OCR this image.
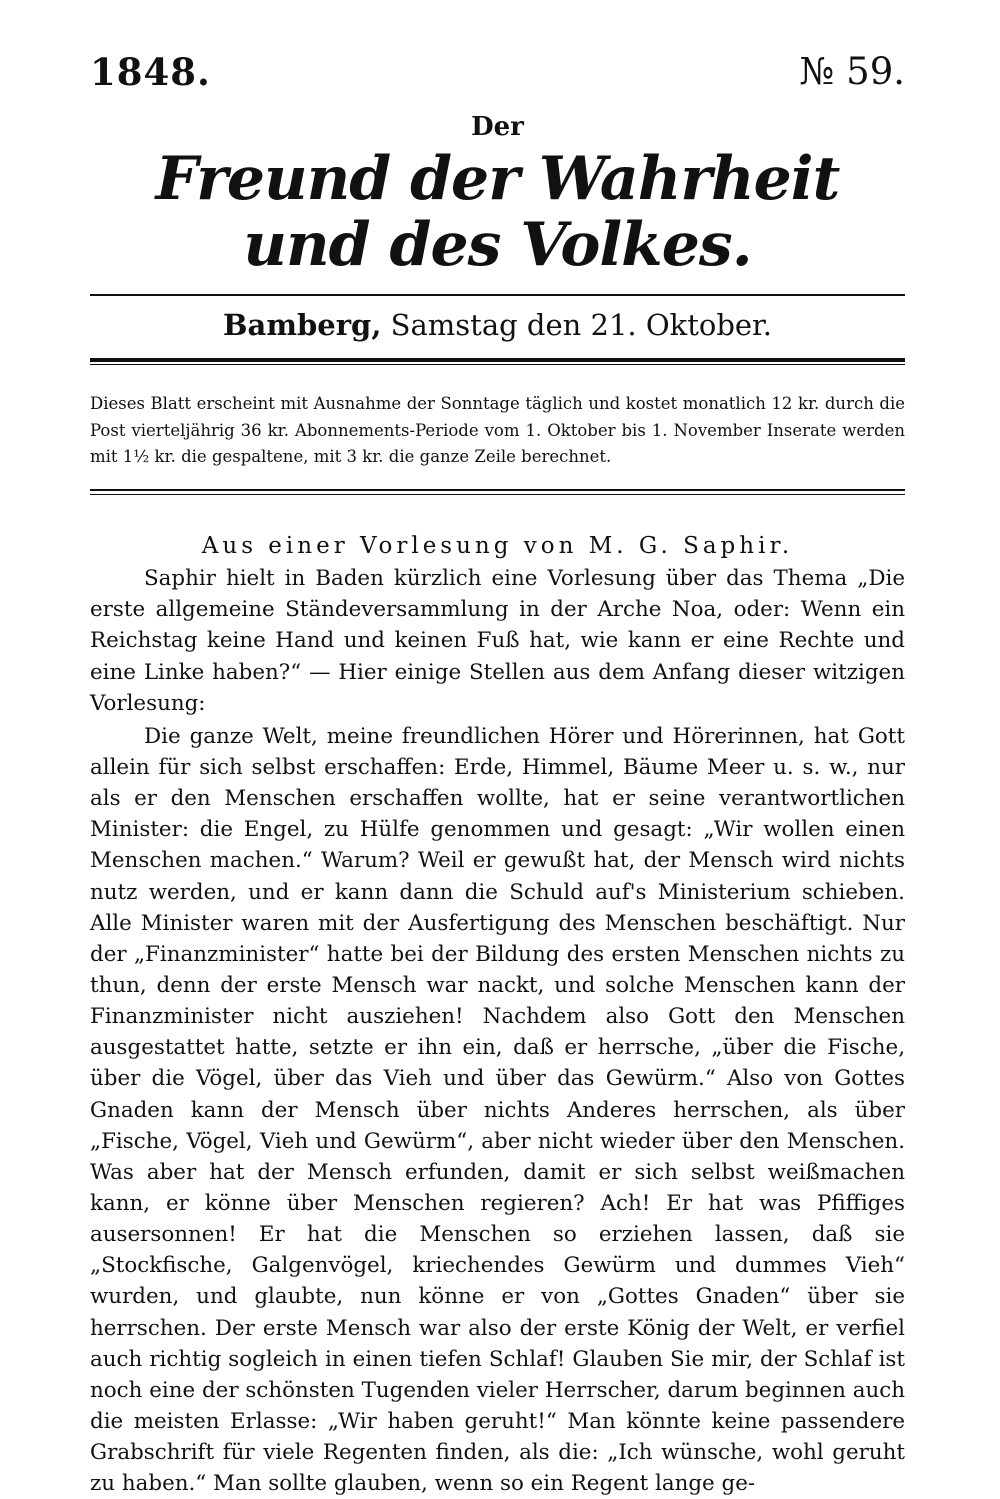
1848.	№ 59.
Der
Freund der Wahrheit und des Volkes.
Bamberg, Samstag den 21. Oktober.
Dieses Blatt erscheint mit Ausnahme der Sonntage täglich und kostet monatlich 12 kr. durch die Post vierteljährig 36 kr. Abonnements-Periode vom 1. Oktober bis 1. November Inserate werden mit 1½ kr. die gespaltene, mit 3 kr. die ganze Zeile berechnet.
Aus einer Vorlesung von M. G. Saphir.

Saphir hielt in Baden kürzlich eine Vorlesung über das Thema „Die erste allgemeine Ständeversammlung in der Arche Noa, oder: Wenn ein Reichstag keine Hand und keinen Fuß hat, wie kann er eine Rechte und eine Linke haben?“ — Hier einige Stellen aus dem Anfang dieser witzigen Vorlesung:

Die ganze Welt, meine freundlichen Hörer und Hörerinnen, hat Gott allein für sich selbst erschaffen: Erde, Himmel, Bäume Meer u. s. w., nur als er den Menschen erschaffen wollte, hat er seine verantwortlichen Minister: die Engel, zu Hülfe genommen und gesagt: „Wir wollen einen Menschen machen.“ Warum? Weil er gewußt hat, der Mensch wird nichts nutz werden, und er kann dann die Schuld auf's Ministerium schieben. Alle Minister waren mit der Ausfertigung des Menschen beschäftigt. Nur der „Finanzminister“ hatte bei der Bildung des ersten Menschen nichts zu thun, denn der erste Mensch war nackt, und solche Menschen kann der Finanzminister nicht ausziehen! Nachdem also Gott den Menschen ausgestattet hatte, setzte er ihn ein, daß er herrsche, „über die Fische, über die Vögel, über das Vieh und über das Gewürm.“ Also von Gottes Gnaden kann der Mensch über nichts Anderes herrschen, als über „Fische, Vögel, Vieh und Gewürm“, aber nicht wieder über den Menschen. Was aber hat der Mensch erfunden, damit er sich selbst weißmachen kann, er könne über Menschen regieren? Ach! Er hat was Pfiffiges ausersonnen! Er hat die Menschen so erziehen lassen, daß sie „Stockfische, Galgenvögel, kriechendes Gewürm und dummes Vieh“ wurden, und glaubte, nun könne er von „Gottes Gnaden“ über sie herrschen. Der erste Mensch war also der erste König der Welt, er verfiel auch richtig sogleich in einen tiefen Schlaf! Glauben Sie mir, der Schlaf ist noch eine der schönsten Tugenden vieler Herrscher, darum beginnen auch die meisten Erlasse: „Wir haben geruht!“ Man könnte keine passendere Grabschrift für viele Regenten finden, als die: „Ich wünsche, wohl geruht zu haben.“ Man sollte glauben, wenn so ein Regent lange ge-
